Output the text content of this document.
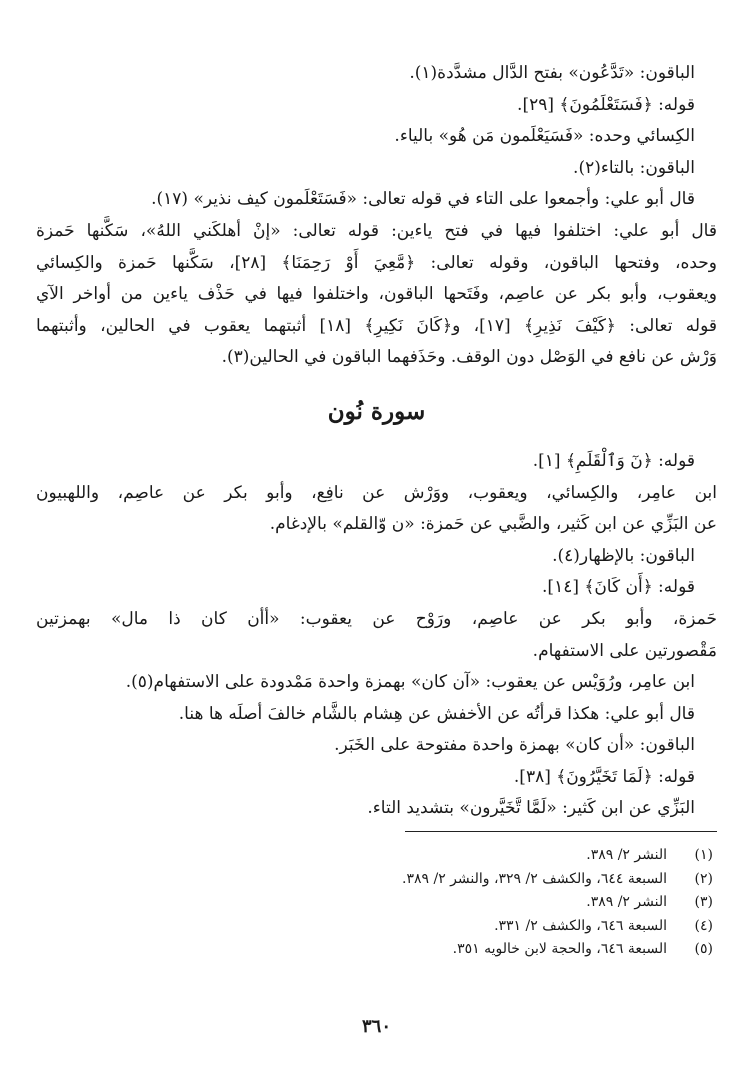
الباقون: «تَدَّعُون» بفتح الدَّال مشدَّدة(١).
قوله: ﴿فَسَتَعْلَمُونَ﴾ [٢٩].
الكِسائي وحده: «فَسَيَعْلَمون مَن هُو» بالياء.
الباقون: بالتاء(٢).
قال أبو علي: وأجمعوا على التاء في قوله تعالى: «فَسَتَعْلَمون كيف نذير» (١٧).
قال أبو علي: اختلفوا فيها في فتح ياءين: قوله تعالى: «إنْ أهلكَني اللهُ»، سَكَّنها حَمزة
وحده، وفتحها الباقون، وقوله تعالى: ﴿مَّعِيَ أَوْ رَحِمَنَا﴾ [٢٨]، سَكَّنها حَمزة والكِسائي
ويعقوب، وأبو بكر عن عاصِم، وفَتَحها الباقون، واختلفوا فيها في حَذْف ياءين من أواخر الآي
قوله تعالى: ﴿كَيْفَ نَذِيرِ﴾ [١٧]، و﴿كَانَ نَكِيرِ﴾ [١٨] أثبتهما يعقوب في الحالين، وأثبتهما
وَرْش عن نافع في الوَصْل دون الوقف. وحَذَفهما الباقون في الحالين(٣).
سورة نُون
قوله: ﴿نٓ وَٱلْقَلَمِ﴾ [١].
ابن عامِر، والكِسائي، ويعقوب، ووَرْش عن نافِع، وأبو بكر عن عاصِم، واللهبيون
عن البَزِّي عن ابن كَثير، والضَّبي عن حَمزة: «ن وّالقلم» بالإدغام.
الباقون: بالإظهار(٤).
قوله: ﴿أَن كَانَ﴾ [١٤].
حَمزة، وأبو بكر عن عاصِم، ورَوْح عن يعقوب: «أأن كان ذا مال» بهمزتين
مَقْصورتين على الاستفهام.
ابن عامِر، ورُوَيْس عن يعقوب: «آن كان» بهمزة واحدة مَمْدودة على الاستفهام(٥).
قال أبو علي: هكذا قرأتُه عن الأخفش عن هِشام بالشَّام خالفَ أصلَه ها هنا.
الباقون: «أن كان» بهمزة واحدة مفتوحة على الخَبَر.
قوله: ﴿لَمَا تَخَيَّرُونَ﴾ [٣٨].
البَزِّي عن ابن كَثير: «لَمَّا تَّخَيَّرون» بتشديد التاء.
(١)
النشر ٢/ ٣٨٩.
(٢)
السبعة ٦٤٤، والكشف ٢/ ٣٢٩، والنشر ٢/ ٣٨٩.
(٣)
النشر ٢/ ٣٨٩.
(٤)
السبعة ٦٤٦، والكشف ٢/ ٣٣١.
(٥)
السبعة ٦٤٦، والحجة لابن خالويه ٣٥١.
٣٦٠
